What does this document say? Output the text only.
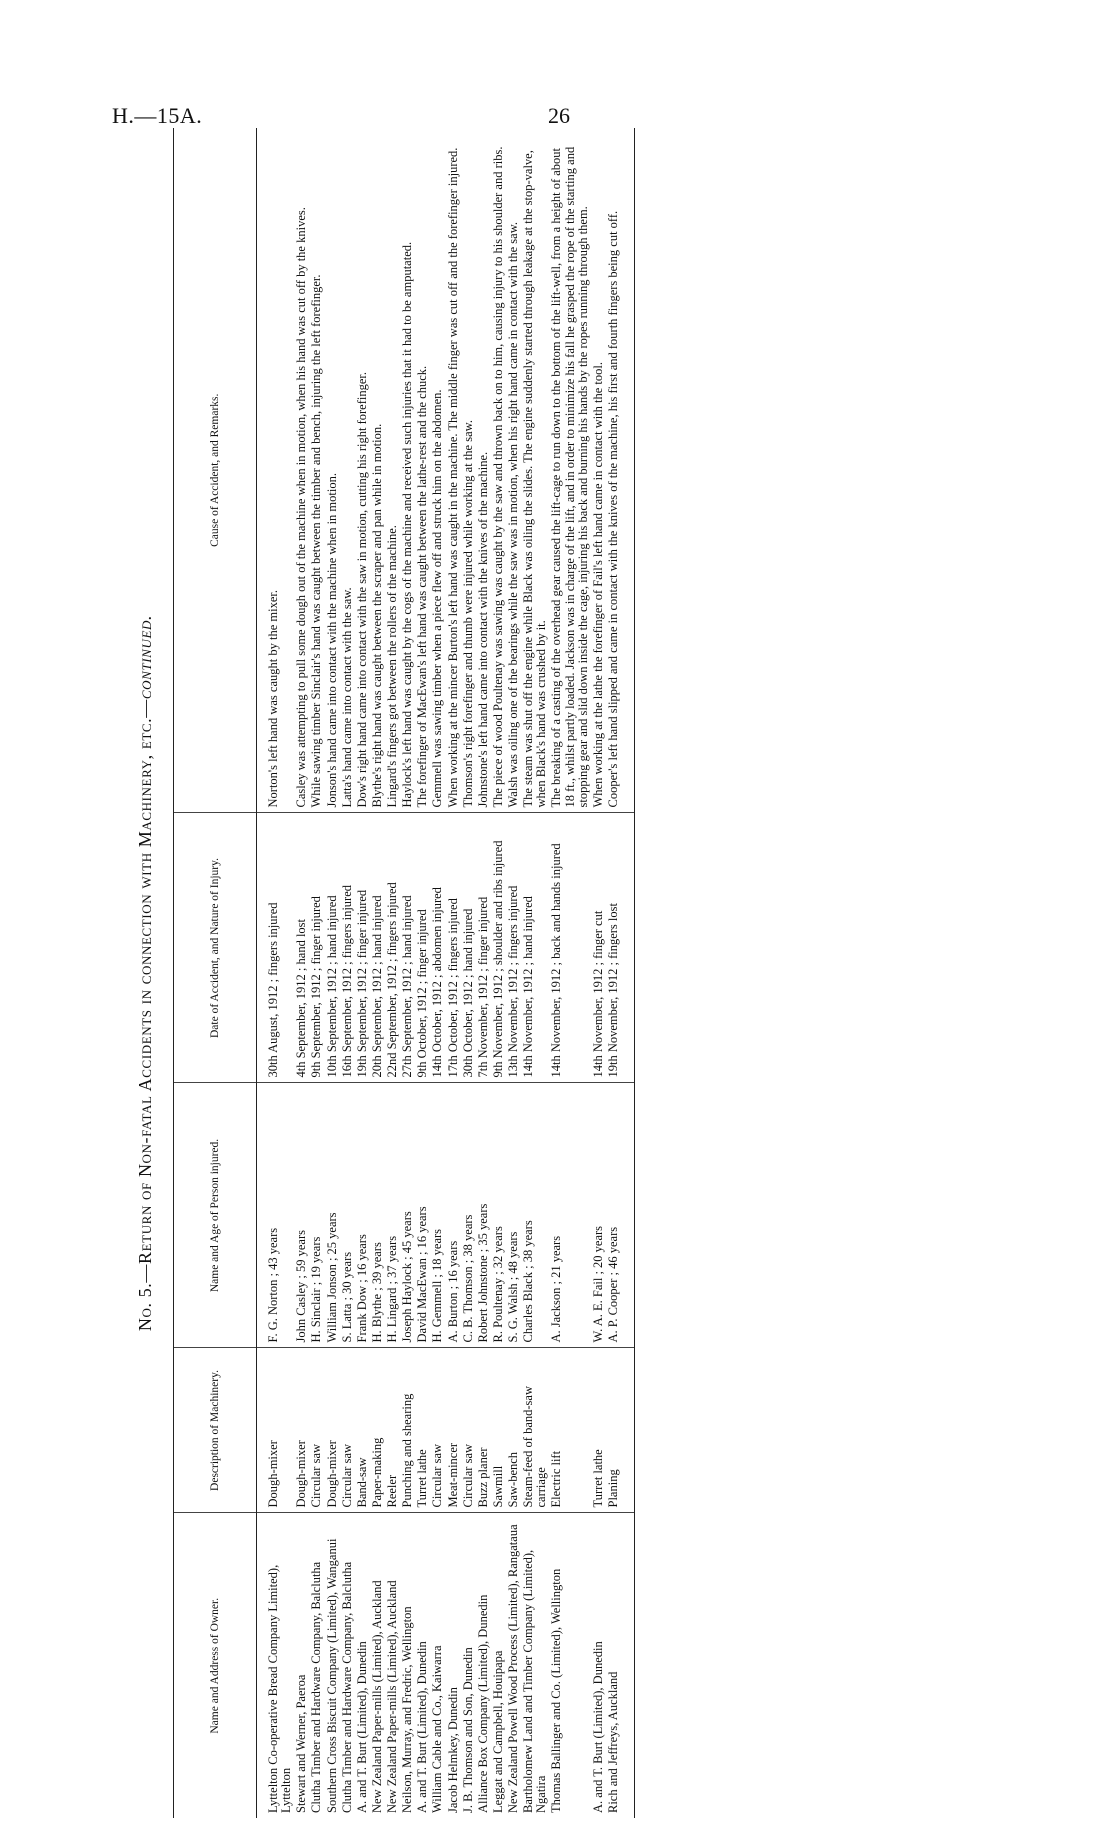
H.—15A.	26
No. 5.—Return of Non-fatal Accidents in connection with Machinery, etc.—continued.
Name and Address of Owner.	Description of Machinery.	Name and Age of Person injured.	Date of Accident, and Nature of Injury.	Cause of Accident, and Remarks.
Lyttelton Co-operative Bread Company Limited), Lyttelton	Dough-mixer	F. G. Norton ; 43 years	30th August, 1912 ; fingers injured	Norton's left hand was caught by the mixer.
Stewart and Werner, Paeroa	Dough-mixer	John Casley ; 59 years	4th September, 1912 ; hand lost	Casley was attempting to pull some dough out of the machine when in motion, when his hand was cut off by the knives.
Clutha Timber and Hardware Company, Balclutha	Circular saw	H. Sinclair ; 19 years	9th September, 1912 ; finger injured	While sawing timber Sinclair's hand was caught between the timber and bench, injuring the left forefinger.
Southern Cross Biscuit Company (Limited), Wanganui	Dough-mixer	William Jonson ; 25 years	10th September, 1912 ; hand injured	Jonson's hand came into contact with the machine when in motion.
Clutha Timber and Hardware Company, Balclutha	Circular saw	S. Latta ; 30 years	16th September, 1912 ; fingers injured	Latta's hand came into contact with the saw.
A. and T. Burt (Limited), Dunedin	Band-saw	Frank Dow ; 16 years	19th September, 1912 ; finger injured	Dow's right hand came into contact with the saw in motion, cutting his right forefinger.
New Zealand Paper-mills (Limited), Auckland	Paper-making	H. Blythe ; 39 years	20th September, 1912 ; hand injured	Blythe's right hand was caught between the scraper and pan while in motion.
New Zealand Paper-mills (Limited), Auckland	Reeler	H. Lingard ; 37 years	22nd September, 1912 ; fingers injured	Lingard's fingers got between the rollers of the machine.
Neilson, Murray, and Fredric, Wellington	Punching and shearing	Joseph Haylock ; 45 years	27th September, 1912 ; hand injured	Haylock's left hand was caught by the cogs of the machine and received such injuries that it had to be amputated.
A. and T. Burt (Limited), Dunedin	Turret lathe	David MacEwan ; 16 years	9th October, 1912 ; finger injured	The forefinger of MacEwan's left hand was caught between the lathe-rest and the chuck.
William Cable and Co., Kaiwarra	Circular saw	H. Gemmell ; 18 years	14th October, 1912 ; abdomen injured	Gemmell was sawing timber when a piece flew off and struck him on the abdomen.
Jacob Helmkey, Dunedin	Meat-mincer	A. Burton ; 16 years	17th October, 1912 ; fingers injured	When working at the mincer Burton's left hand was caught in the machine. The middle finger was cut off and the forefinger injured.
J. B. Thomson and Son, Dunedin	Circular saw	C. B. Thomson ; 38 years	30th October, 1912 ; hand injured	Thomson's right forefinger and thumb were injured while working at the saw.
Alliance Box Company (Limited), Dunedin	Buzz planer	Robert Johnstone ; 35 years	7th November, 1912 ; finger injured	Johnstone's left hand came into contact with the knives of the machine.
Leggat and Campbell, Houipapa	Sawmill	R. Poultenay ; 32 years	9th November, 1912 ; shoulder and ribs injured	The piece of wood Poultenay was sawing was caught by the saw and thrown back on to him, causing injury to his shoulder and ribs.
New Zealand Powell Wood Process (Limited), Rangataua	Saw-bench	S. G. Walsh ; 48 years	13th November, 1912 ; fingers injured	Walsh was oiling one of the bearings while the saw was in motion, when his right hand came in contact with the saw.
Bartholomew Land and Timber Company (Limited), Ngatira	Steam-feed of band-saw carriage	Charles Black ; 38 years	14th November, 1912 ; hand injured	The steam was shut off the engine while Black was oiling the slides. The engine suddenly started through leakage at the stop-valve, when Black's hand was crushed by it.
Thomas Ballinger and Co. (Limited), Wellington	Electric lift	A. Jackson ; 21 years	14th November, 1912 ; back and hands injured	The breaking of a casting of the overhead gear caused the lift-cage to run down to the bottom of the lift-well, from a height of about 18 ft., whilst partly loaded. Jackson was in charge of the lift, and in order to minimize his fall he grasped the rope of the starting and stopping gear and slid down inside the cage, injuring his back and burning his hands by the ropes running through them.
A. and T. Burt (Limited), Dunedin	Turret lathe	W. A. E. Fail ; 20 years	14th November, 1912 ; finger cut	When working at the lathe the forefinger of Fail's left hand came in contact with the tool.
Rich and Jeffreys, Auckland	Planing	A. P. Cooper ; 46 years	19th November, 1912 ; fingers lost	Cooper's left hand slipped and came in contact with the knives of the machine, his first and fourth fingers being cut off.
